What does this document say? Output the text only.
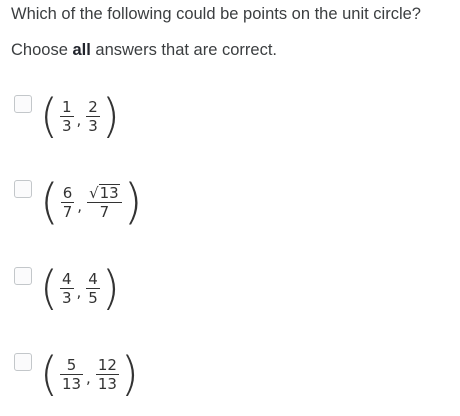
Which of the following could be points on the unit circle?
Choose all answers that are correct.
( $\frac{1}{3}$ , $\frac{2}{3}$ )
( $\frac{6}{7}$ , $\frac{√ 13}{7}$ )
( $\frac{4}{3}$ , $\frac{4}{5}$ )
( $\frac{5}{13}$ , $\frac{12}{13}$ )
